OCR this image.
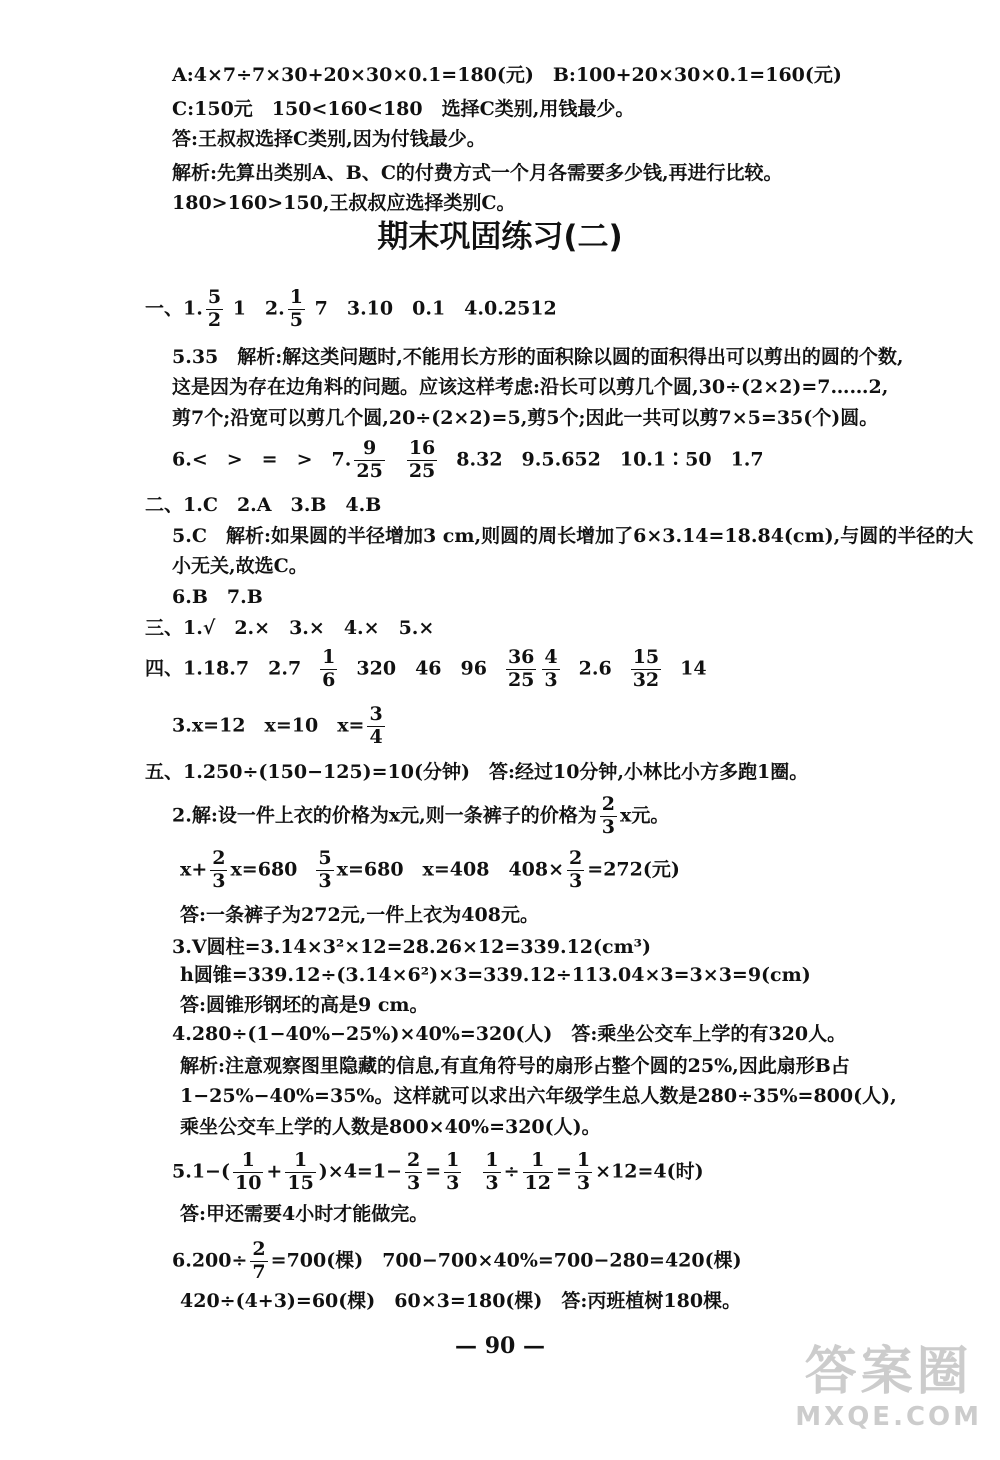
A:4×7÷7×30+20×30×0.1=180(元)　B:100+20×30×0.1=160(元)
C:150元　150<160<180　选择C类别,用钱最少。
答:王叔叔选择C类别,因为付钱最少。
解析:先算出类别A、B、C的付费方式一个月各需要多少钱,再进行比较。
180>160>150,王叔叔应选择类别C。
期末巩固练习(二)
一、1. $\frac{5}{2} 1$　2. $\frac{1}{5} 7$　3.10　0.1　4.0.2512
5.35　解析:解这类问题时,不能用长方形的面积除以圆的面积得出可以剪出的圆的个数,
这是因为存在边角料的问题。应该这样考虑:沿长可以剪几个圆,30÷(2×2)=7……2,
剪7个;沿宽可以剪几个圆,20÷(2×2)=5,剪5个;因此一共可以剪7×5=35(个)圆。
6.<　>　=　>　7. $\frac{9}{25} \frac{16}{25} 8.32$　9.5.652　10.1∶50　1.7
二、1.C　2.A　3.B　4.B
5.C　解析:如果圆的半径增加3 cm,则圆的周长增加了6×3.14=18.84(cm),与圆的半径的大
小无关,故选C。
6.B　7.B
三、1.√　2.×　3.×　4.×　5.×
四、1.18.7　$2.7 \frac{1}{6} 320$　46　$96 \frac{36}{25} \frac{4}{3} 2.6 \frac{15}{32} 14$
3.x=12　x=10　$x= \frac{3}{4}$
五、1.250÷(150−125)=10(分钟)　答:经过10分钟,小林比小方多跑1圈。
2.解:设一件上衣的价格为x元,则一条裤子的价格为 $\frac{2}{3}$ x元。
$x+ \frac{2}{3} x=680 \frac{5}{3} x=680$　x=408　$408\times \frac{2}{3} =272$(元)
答:一条裤子为272元,一件上衣为408元。
3.V圆柱=3.14×3²×12=28.26×12=339.12(cm³)
h圆锥=339.12÷(3.14×6²)×3=339.12÷113.04×3=3×3=9(cm)
答:圆锥形钢坯的高是9 cm。
4.280÷(1−40%−25%)×40%=320(人)　答:乘坐公交车上学的有320人。
解析:注意观察图里隐藏的信息,有直角符号的扇形占整个圆的25%,因此扇形B占
1−25%−40%=35%。这样就可以求出六年级学生总人数是280÷35%=800(人),
乘坐公交车上学的人数是800×40%=320(人)。
$5.1-( \frac{1}{10} + \frac{1}{15} )\times 4=1- \frac{2}{3} = \frac{1}{3} \frac{1}{3} \div \frac{1}{12} = \frac{1}{3} \times 12=4$(时)
答:甲还需要4小时才能做完。
$6.200\div \frac{2}{7} =700$(棵)　700−700×40%=700−280=420(棵)
420÷(4+3)=60(棵)　60×3=180(棵)　答:丙班植树180棵。
— 90 —	答案圈
MXQE.COM
